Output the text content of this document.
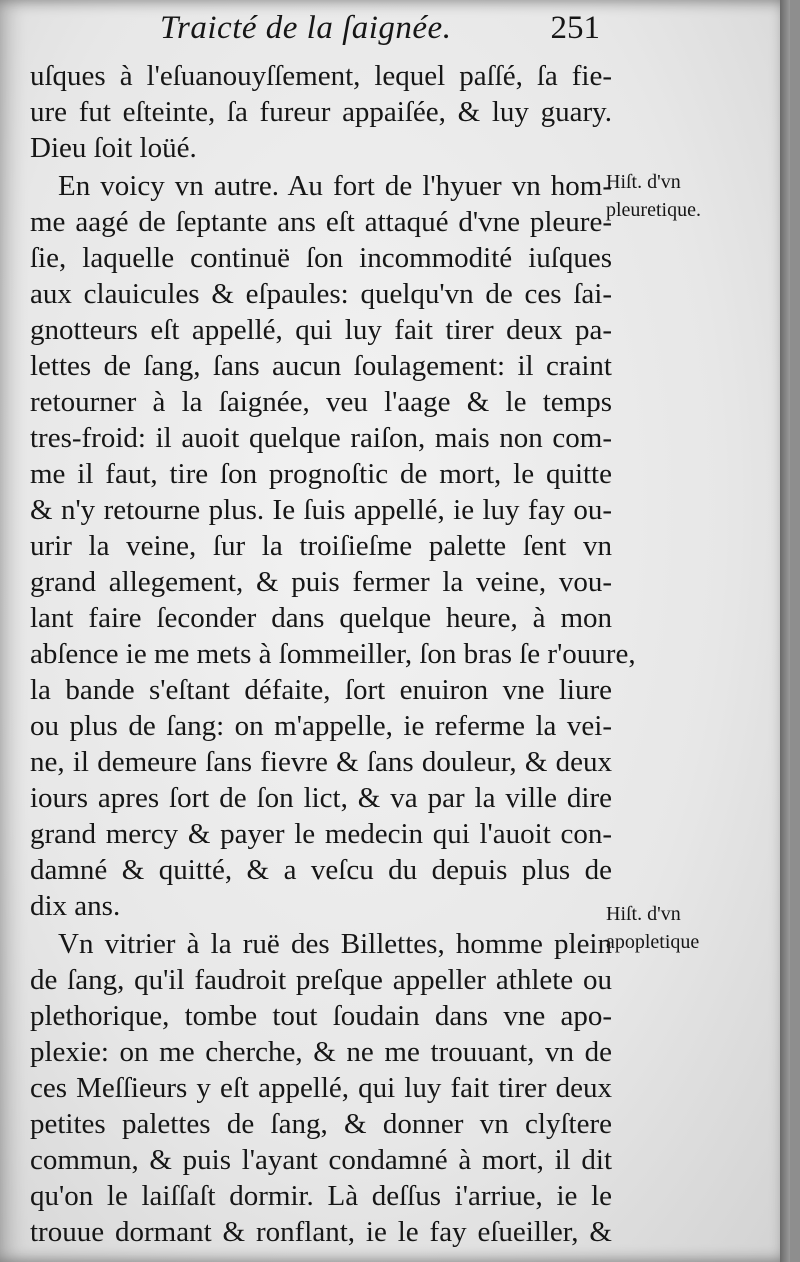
Traicté de la ſaignée.	251
uſques à l'eſuanouyſſement, lequel paſſé, ſa fie-
ure fut eſteinte, ſa fureur appaiſée, & luy guary.
Dieu ſoit loüé.
En voicy vn autre. Au fort de l'hyuer vn hom-
me aagé de ſeptante ans eſt attaqué d'vne pleure-
ſie, laquelle continuë ſon incommodité iuſques
aux clauicules & eſpaules: quelqu'vn de ces ſai-
gnotteurs eſt appellé, qui luy fait tirer deux pa-
lettes de ſang, ſans aucun ſoulagement: il craint
retourner à la ſaignée, veu l'aage & le temps
tres-froid: il auoit quelque raiſon, mais non com-
me il faut, tire ſon prognoſtic de mort, le quitte
& n'y retourne plus. Ie ſuis appellé, ie luy fay ou-
urir la veine, ſur la troiſieſme palette ſent vn
grand allegement, & puis fermer la veine, vou-
lant faire ſeconder dans quelque heure, à mon
abſence ie me mets à ſommeiller, ſon bras ſe r'ouure,
la bande s'eſtant défaite, ſort enuiron vne liure
ou plus de ſang: on m'appelle, ie referme la vei-
ne, il demeure ſans fievre & ſans douleur, & deux
iours apres ſort de ſon lict, & va par la ville dire
grand mercy & payer le medecin qui l'auoit con-
damné & quitté, & a veſcu du depuis plus de
dix ans.
Vn vitrier à la ruë des Billettes, homme plein
de ſang, qu'il faudroit preſque appeller athlete ou
plethorique, tombe tout ſoudain dans vne apo-
plexie: on me cherche, & ne me trouuant, vn de
ces Meſſieurs y eſt appellé, qui luy fait tirer deux
petites palettes de ſang, & donner vn clyſtere
commun, & puis l'ayant condamné à mort, il dit
qu'on le laiſſaſt dormir. Là deſſus i'arriue, ie le
trouue dormant & ronflant, ie le fay eſueiller, &
Hiſt. d'vn
pleuretique.
Hiſt. d'vn
apopletique
